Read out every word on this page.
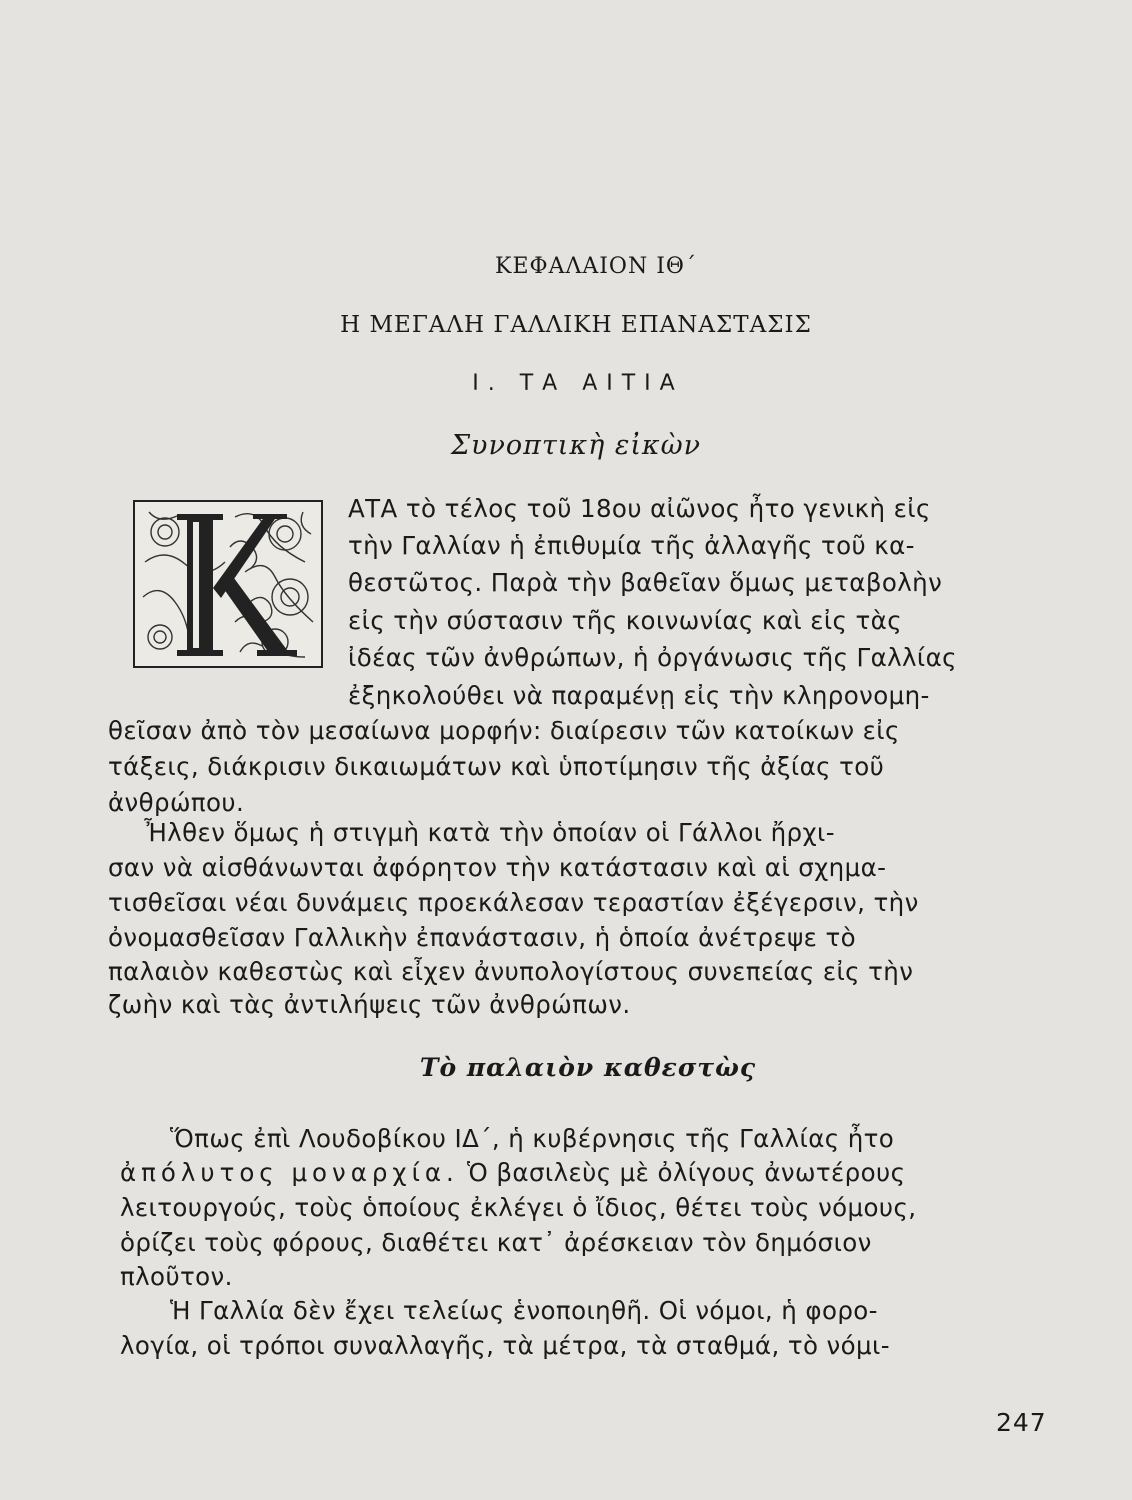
ΚΕΦΑΛΑΙΟΝ ΙΘ΄
Η ΜΕΓΑΛΗ ΓΑΛΛΙΚΗ ΕΠΑΝΑΣΤΑΣΙΣ
Ι. ΤΑ ΑΙΤΙΑ
Συνοπτικὴ εἰκὼν
ΑΤΑ τὸ τέλος τοῦ 18ου αἰῶνος ἦτο γενικὴ εἰς
τὴν Γαλλίαν ἡ ἐπιθυμία τῆς ἀλλαγῆς τοῦ κα-
θεστῶτος. Παρὰ τὴν βαθεῖαν ὅμως μεταβολὴν
εἰς τὴν σύστασιν τῆς κοινωνίας καὶ εἰς τὰς
ἰδέας τῶν ἀνθρώπων, ἡ ὀργάνωσις τῆς Γαλλίας
ἐξηκολούθει νὰ παραμένῃ εἰς τὴν κληρονομη-
θεῖσαν ἀπὸ τὸν μεσαίωνα μορφήν: διαίρεσιν τῶν κατοίκων εἰς
τάξεις, διάκρισιν δικαιωμάτων καὶ ὑποτίμησιν τῆς ἀξίας τοῦ
ἀνθρώπου.
Ἦλθεν ὅμως ἡ στιγμὴ κατὰ τὴν ὁποίαν οἱ Γάλλοι ἤρχι-
σαν νὰ αἰσθάνωνται ἀφόρητον τὴν κατάστασιν καὶ αἱ σχημα-
τισθεῖσαι νέαι δυνάμεις προεκάλεσαν τεραστίαν ἐξέγερσιν, τὴν
ὀνομασθεῖσαν Γαλλικὴν ἐπανάστασιν, ἡ ὁποία ἀνέτρεψε τὸ
παλαιὸν καθεστὼς καὶ εἶχεν ἀνυπολογίστους συνεπείας εἰς τὴν
ζωὴν καὶ τὰς ἀντιλήψεις τῶν ἀνθρώπων.
Τὸ παλαιὸν καθεστὼς
Ὅπως ἐπὶ Λουδοβίκου ΙΔ΄, ἡ κυβέρνησις τῆς Γαλλίας ἦτο
ἀπόλυτος μοναρχία. Ὁ βασιλεὺς μὲ ὀλίγους ἀνωτέρους
λειτουργούς, τοὺς ὁποίους ἐκλέγει ὁ ἴδιος, θέτει τοὺς νόμους,
ὁρίζει τοὺς φόρους, διαθέτει κατ᾽ ἀρέσκειαν τὸν δημόσιον
πλοῦτον.
Ἡ Γαλλία δὲν ἔχει τελείως ἑνοποιηθῆ. Οἱ νόμοι, ἡ φορο-
λογία, οἱ τρόποι συναλλαγῆς, τὰ μέτρα, τὰ σταθμά, τὸ νόμι-
247
